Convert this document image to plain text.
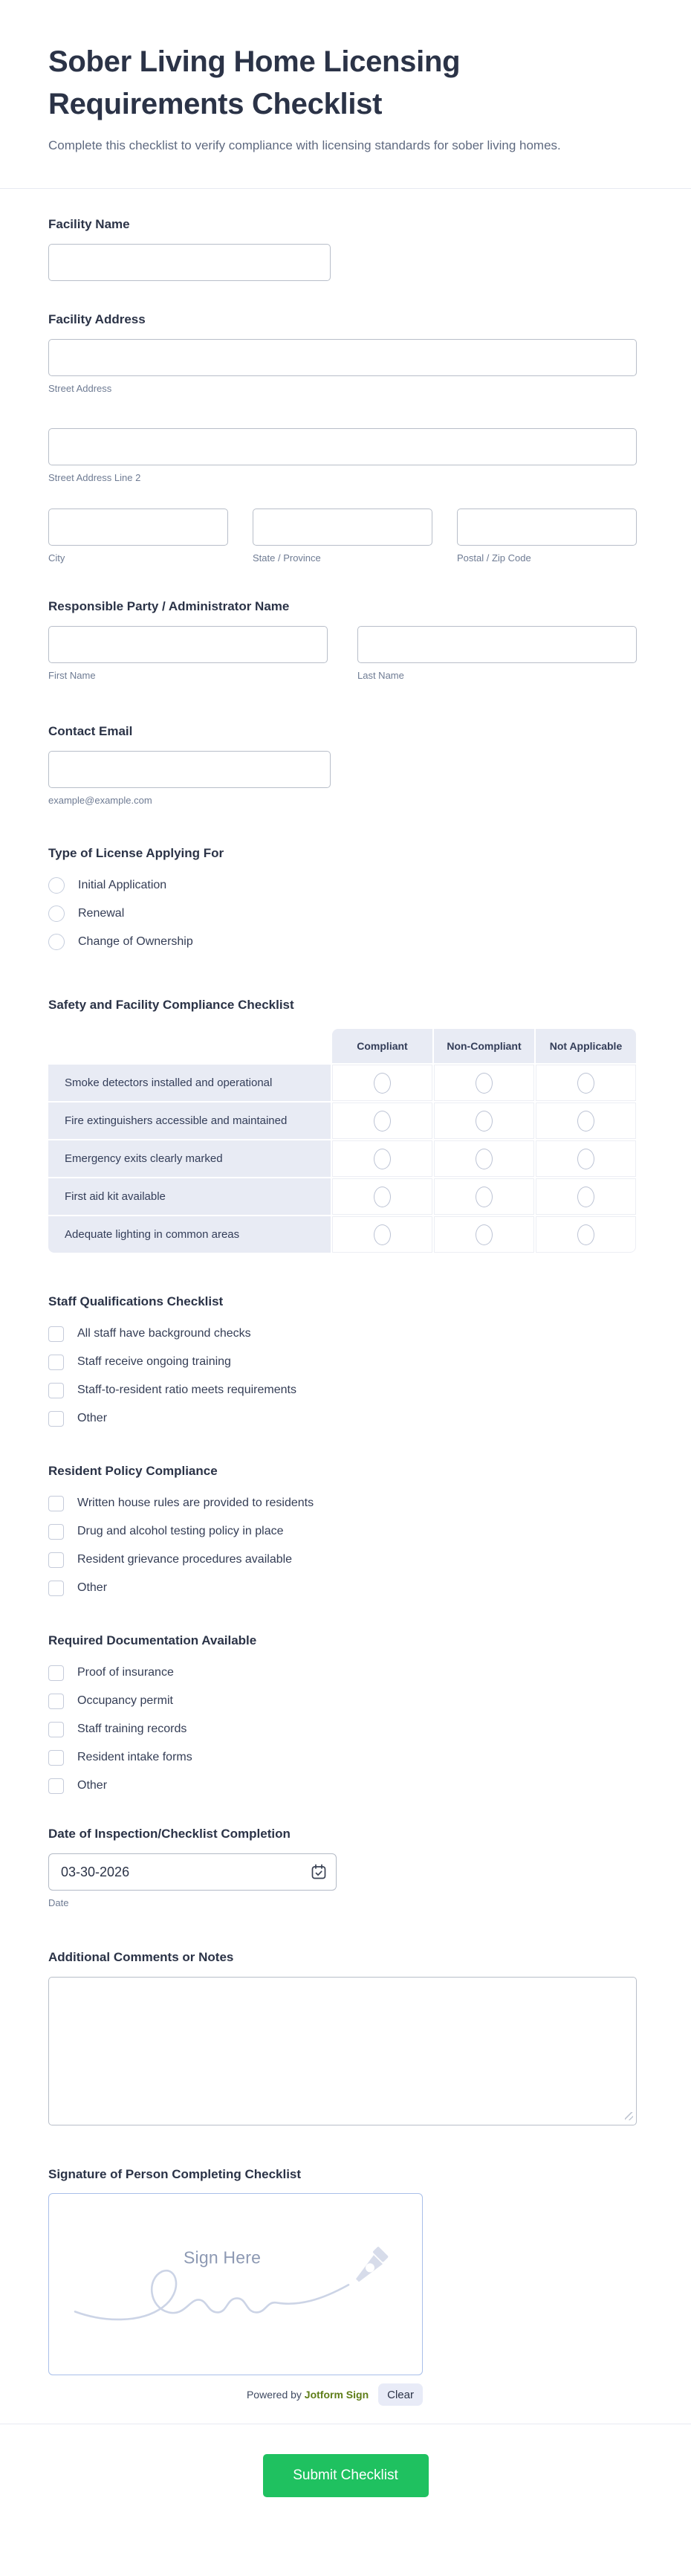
Sober Living Home Licensing Requirements Checklist

Complete this checklist to verify compliance with licensing standards for sober living homes.

Facility Name
Facility Address
Street Address
Street Address Line 2
City	State / Province	Postal / Zip Code
Responsible Party / Administrator Name
First Name	Last Name
Contact Email
example@example.com
Type of License Applying For
Initial Application
Renewal
Change of Ownership
Safety and Facility Compliance Checklist
Compliant	Non-Compliant	Not Applicable
Smoke detectors installed and operational
Fire extinguishers accessible and maintained
Emergency exits clearly marked
First aid kit available
Adequate lighting in common areas
Staff Qualifications Checklist
All staff have background checks
Staff receive ongoing training
Staff-to-resident ratio meets requirements
Other
Resident Policy Compliance
Written house rules are provided to residents
Drug and alcohol testing policy in place
Resident grievance procedures available
Other
Required Documentation Available
Proof of insurance
Occupancy permit
Staff training records
Resident intake forms
Other
Date of Inspection/Checklist Completion
03-30-2026
Date
Additional Comments or Notes
Signature of Person Completing Checklist
Sign Here
Powered by Jotform Sign	Clear
Submit Checklist
